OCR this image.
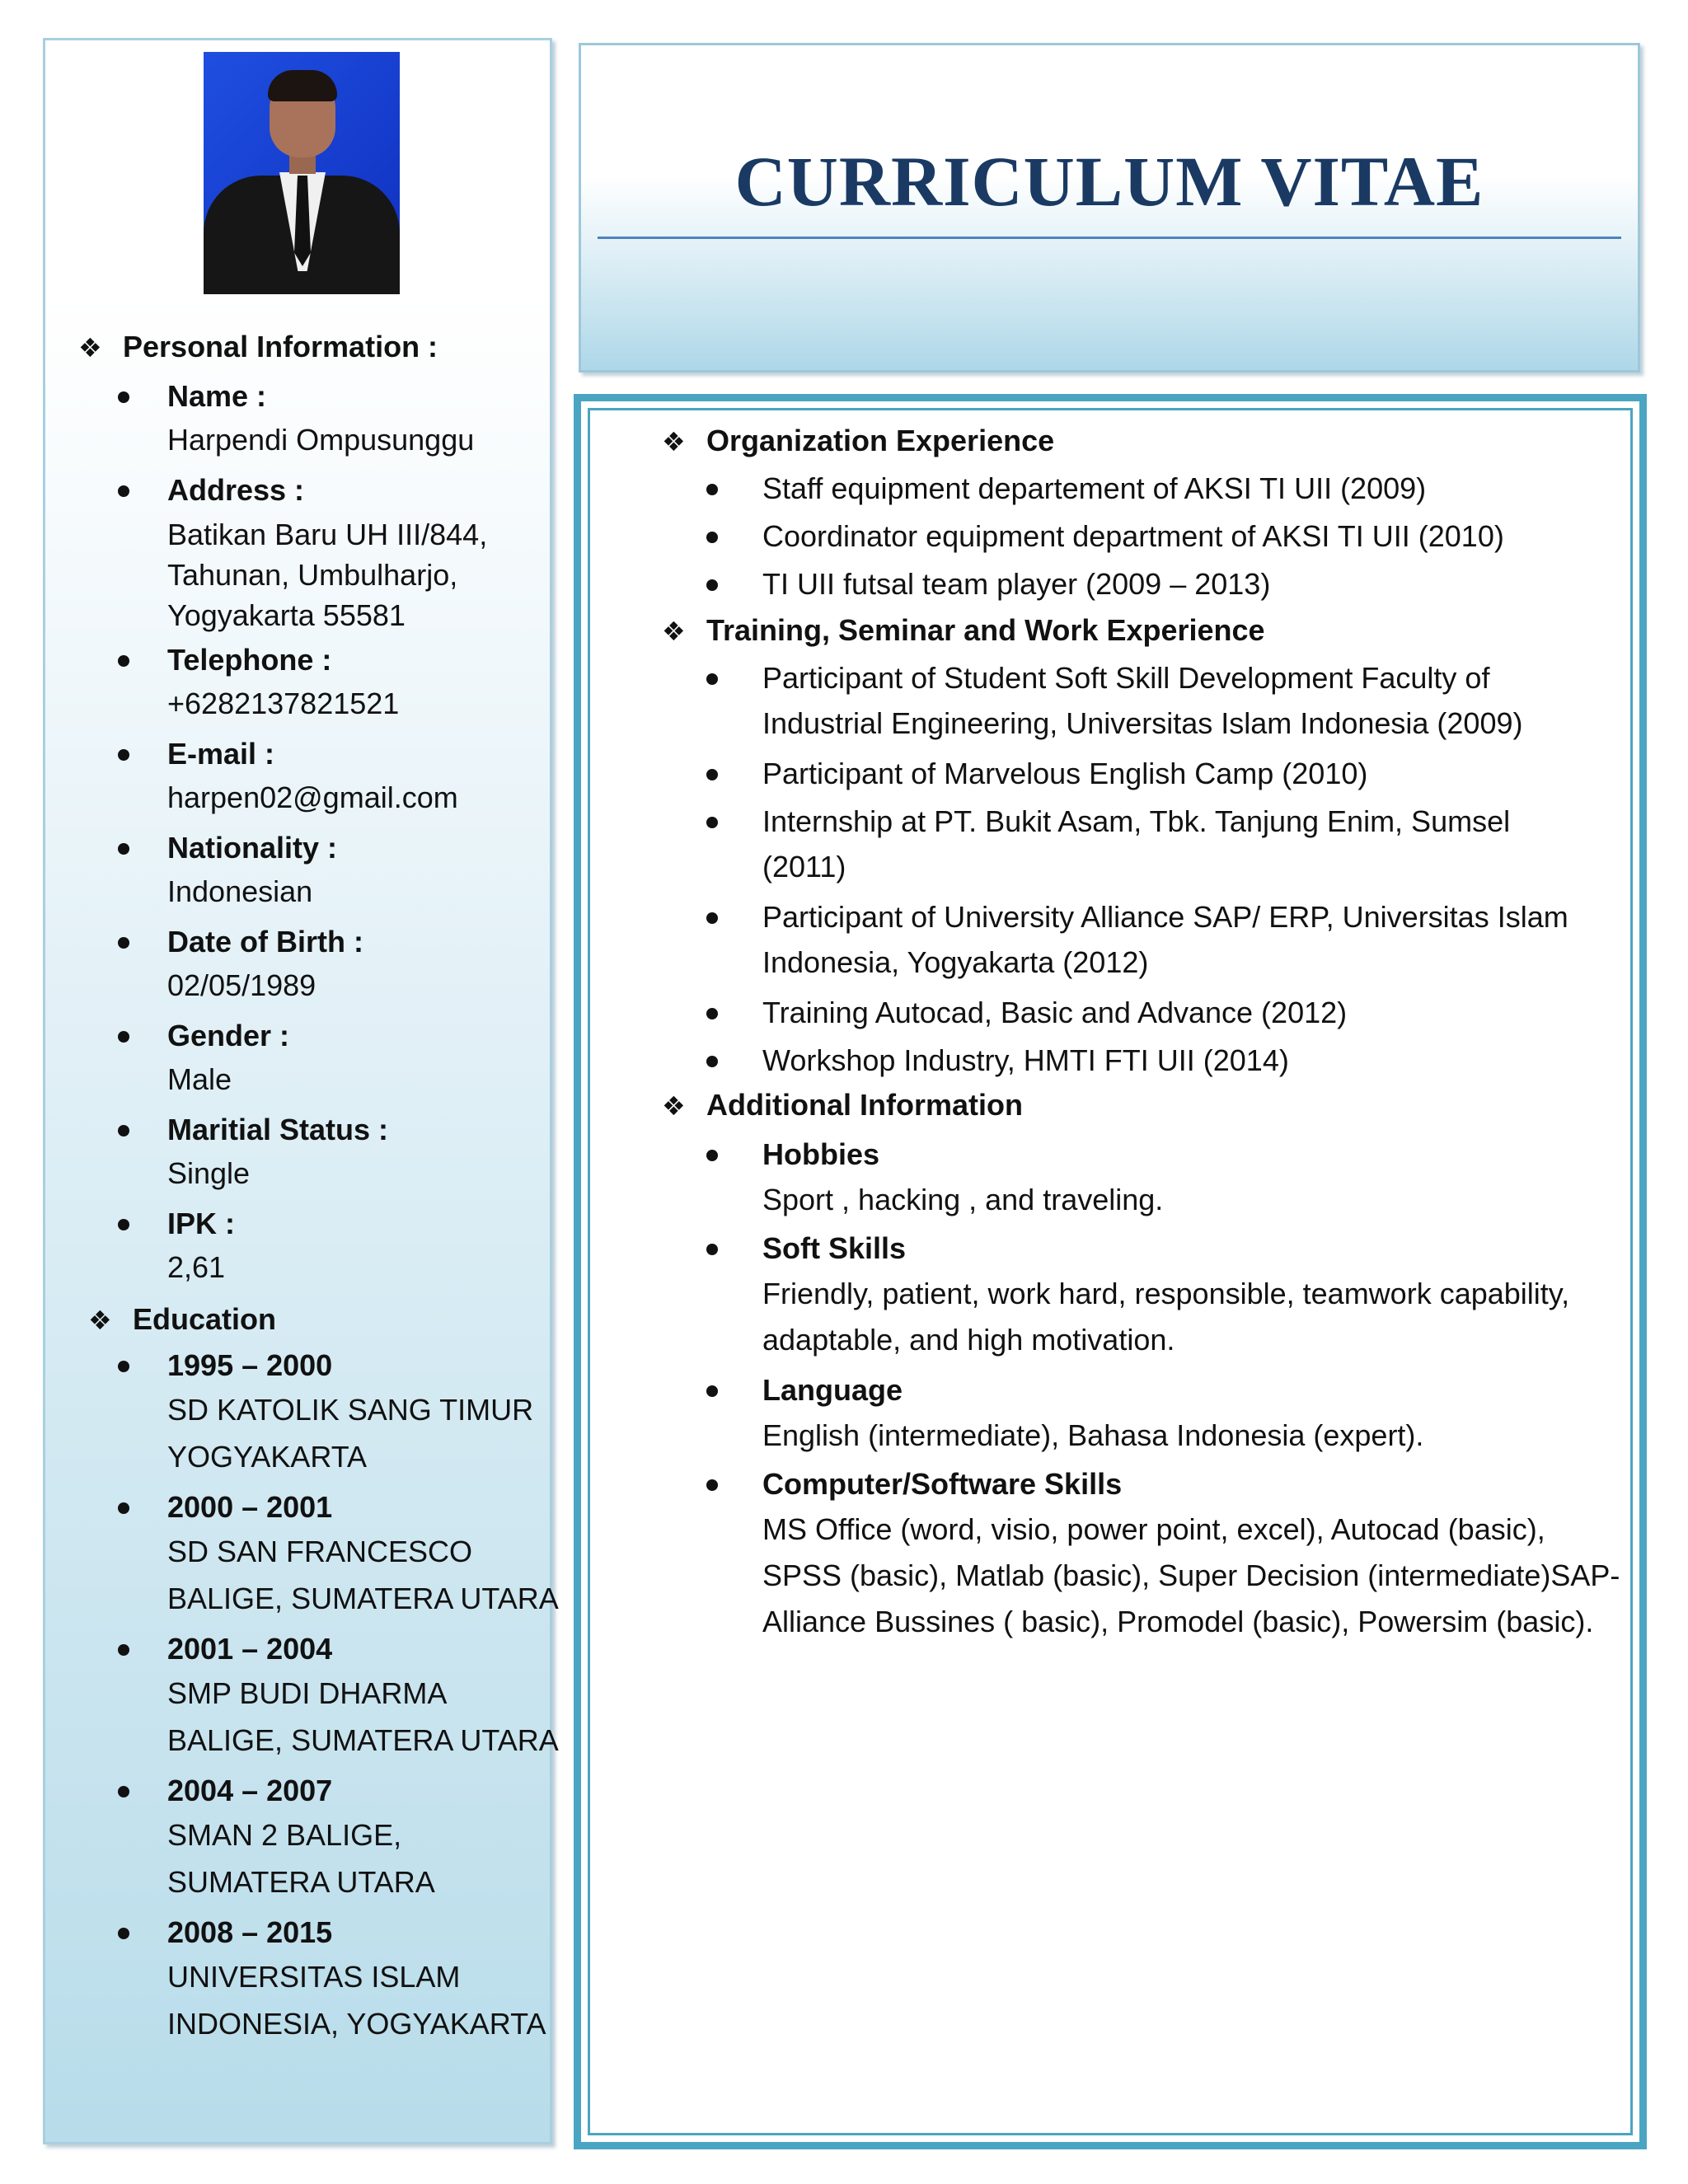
❖ Personal Information :
Name :
Harpendi Ompusunggu
Address :
Batikan Baru UH III/844,
Tahunan, Umbulharjo,
Yogyakarta 55581
Telephone :
+6282137821521
E-mail :
harpen02@gmail.com
Nationality :
Indonesian
Date of Birth :
02/05/1989
Gender :
Male
Maritial Status :
Single
IPK :
2,61
❖ Education
1995 – 2000
SD KATOLIK SANG TIMUR
YOGYAKARTA
2000 – 2001
SD SAN FRANCESCO
BALIGE, SUMATERA UTARA
2001 – 2004
SMP BUDI DHARMA
BALIGE, SUMATERA UTARA
2004 – 2007
SMAN 2 BALIGE,
SUMATERA UTARA
2008 – 2015
UNIVERSITAS ISLAM
INDONESIA, YOGYAKARTA
CURRICULUM VITAE
❖ Organization Experience
Staff equipment departement of AKSI TI UII (2009)
Coordinator equipment department of AKSI TI UII (2010)
TI UII futsal team player (2009 – 2013)
❖ Training, Seminar and Work Experience
Participant of Student Soft Skill Development Faculty of
Industrial Engineering, Universitas Islam Indonesia (2009)
Participant of Marvelous English Camp (2010)
Internship at PT. Bukit Asam, Tbk. Tanjung Enim, Sumsel
(2011)
Participant of University Alliance SAP/ ERP, Universitas Islam
Indonesia, Yogyakarta (2012)
Training Autocad, Basic and Advance (2012)
Workshop Industry, HMTI FTI UII (2014)
❖ Additional Information
Hobbies
Sport , hacking , and traveling.
Soft Skills
Friendly, patient, work hard, responsible, teamwork capability,
adaptable, and high motivation.
Language
English (intermediate), Bahasa Indonesia (expert).
Computer/Software Skills
MS Office (word, visio, power point, excel), Autocad (basic),
SPSS (basic), Matlab (basic), Super Decision (intermediate)SAP-
Alliance Bussines ( basic), Promodel (basic), Powersim (basic).
